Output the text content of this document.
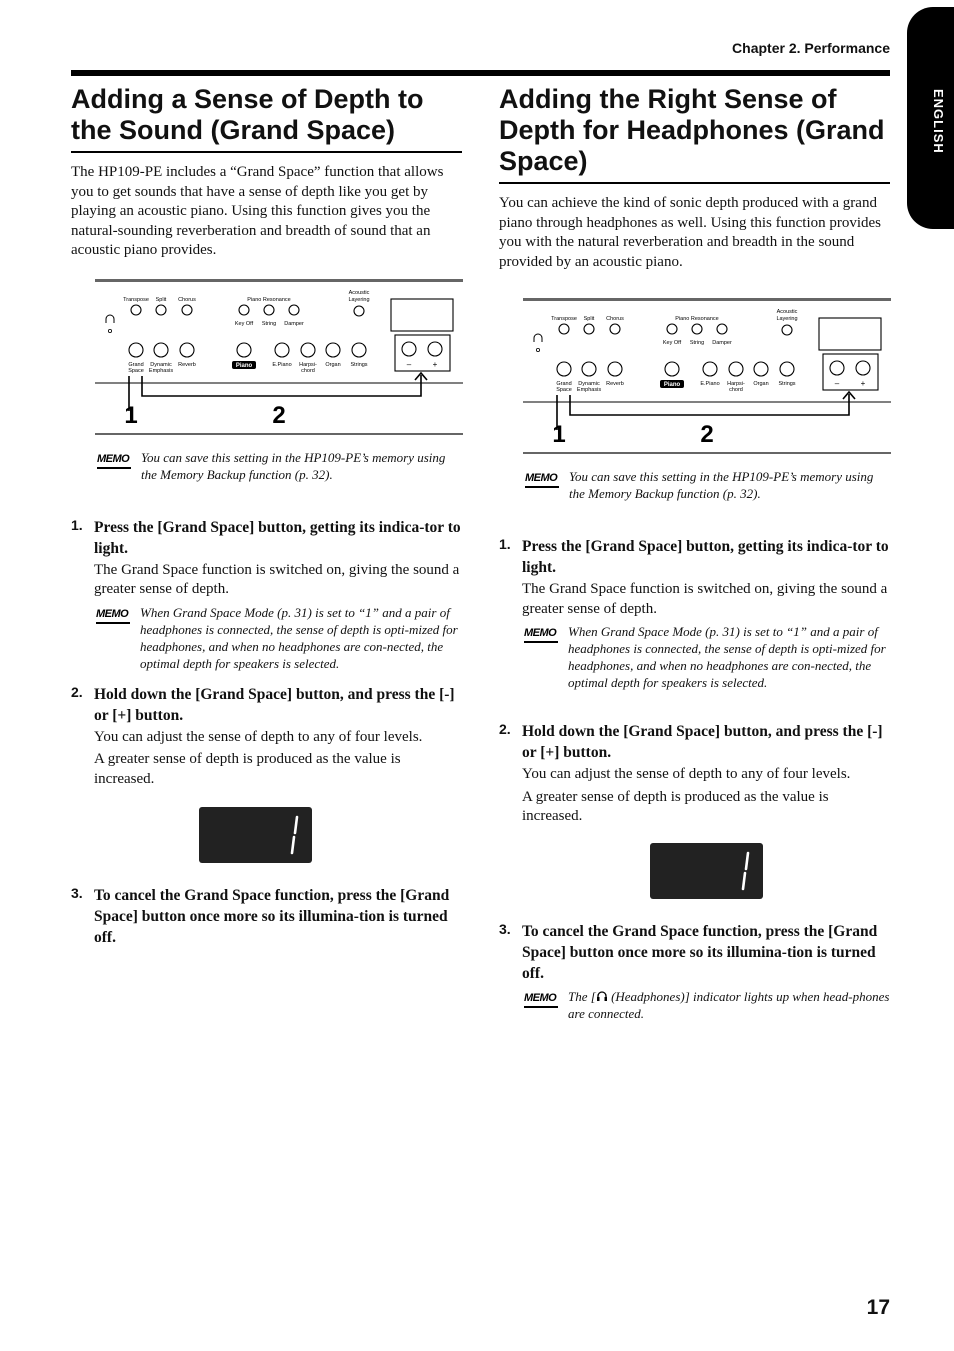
Chapter 2. Performance
ENGLISH
Adding a Sense of Depth to the Sound (Grand Space)

The HP109-PE includes a “Grand Space” function that allows you to get sounds that have a sense of depth like you get by playing an acoustic piano. Using this function gives you the natural-sounding reverberation and breadth of sound that an acoustic piano provides.

Transpose Split Chorus	Piano Resonance
Key Off String Damper
Acoustic
Layering
Grand Dynamic Reverb	E.Piano Harpsi- Organ Strings
Space Emphasis	chord
Piano	–	+
1	2
MEMO You can save this setting in the HP109-PE’s memory using the Memory Backup function (p. 32).
1. Press the [Grand Space] button, getting its indica-tor to light.
The Grand Space function is switched on, giving the sound a greater sense of depth.
MEMO When Grand Space Mode (p. 31) is set to “1” and a pair of headphones is connected, the sense of depth is opti-mized for headphones, and when no headphones are con-nected, the optimal depth for speakers is selected.
2. Hold down the [Grand Space] button, and press the [-] or [+] button.
You can adjust the sense of depth to any of four levels.
A greater sense of depth is produced as the value is increased.
1
3. To cancel the Grand Space function, press the [Grand Space] button once more so its illumina-tion is turned off.
Adding the Right Sense of Depth for Headphones (Grand Space)

You can achieve the kind of sonic depth produced with a grand piano through headphones as well. Using this function provides you with the natural reverberation and breadth in the sound provided by an acoustic piano.

Transpose Split Chorus	Piano Resonance
Key Off String Damper
Acoustic
Layering
Grand Dynamic Reverb	E.Piano Harpsi- Organ Strings
Space Emphasis	chord
Piano	–	+
1	2
MEMO You can save this setting in the HP109-PE’s memory using the Memory Backup function (p. 32).
1. Press the [Grand Space] button, getting its indica-tor to light.
The Grand Space function is switched on, giving the sound a greater sense of depth.
MEMO When Grand Space Mode (p. 31) is set to “1” and a pair of headphones is connected, the sense of depth is opti-mized for headphones, and when no headphones are con-nected, the optimal depth for speakers is selected.
2. Hold down the [Grand Space] button, and press the [-] or [+] button.
You can adjust the sense of depth to any of four levels.
A greater sense of depth is produced as the value is increased.
1
3. To cancel the Grand Space function, press the [Grand Space] button once more so its illumina-tion is turned off.
MEMO The [ (Headphones)] indicator lights up when head-phones are connected.
17
